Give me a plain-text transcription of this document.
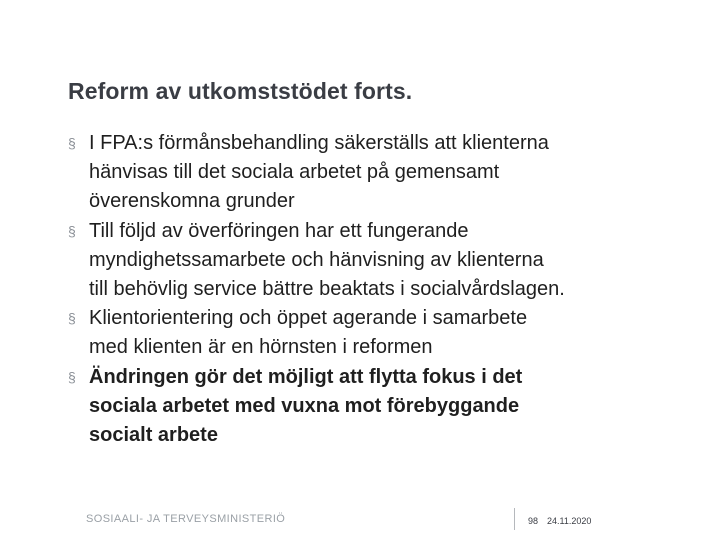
Reform av utkomststödet forts.
§ I FPA:s förmånsbehandling säkerställs att klienterna
hänvisas till det sociala arbetet på gemensamt
överenskomna grunder
§ Till följd av överföringen har ett fungerande
myndighetssamarbete och hänvisning av klienterna
till behövlig service bättre beaktats i socialvårdslagen.
§ Klientorientering och öppet agerande i samarbete
med klienten är en hörnsten i reformen
§ Ändringen gör det möjligt att flytta fokus i det
sociala arbetet med vuxna mot förebyggande
socialt arbete
SOSIAALI- JA TERVEYSMINISTERIÖ	98 24.11.2020
